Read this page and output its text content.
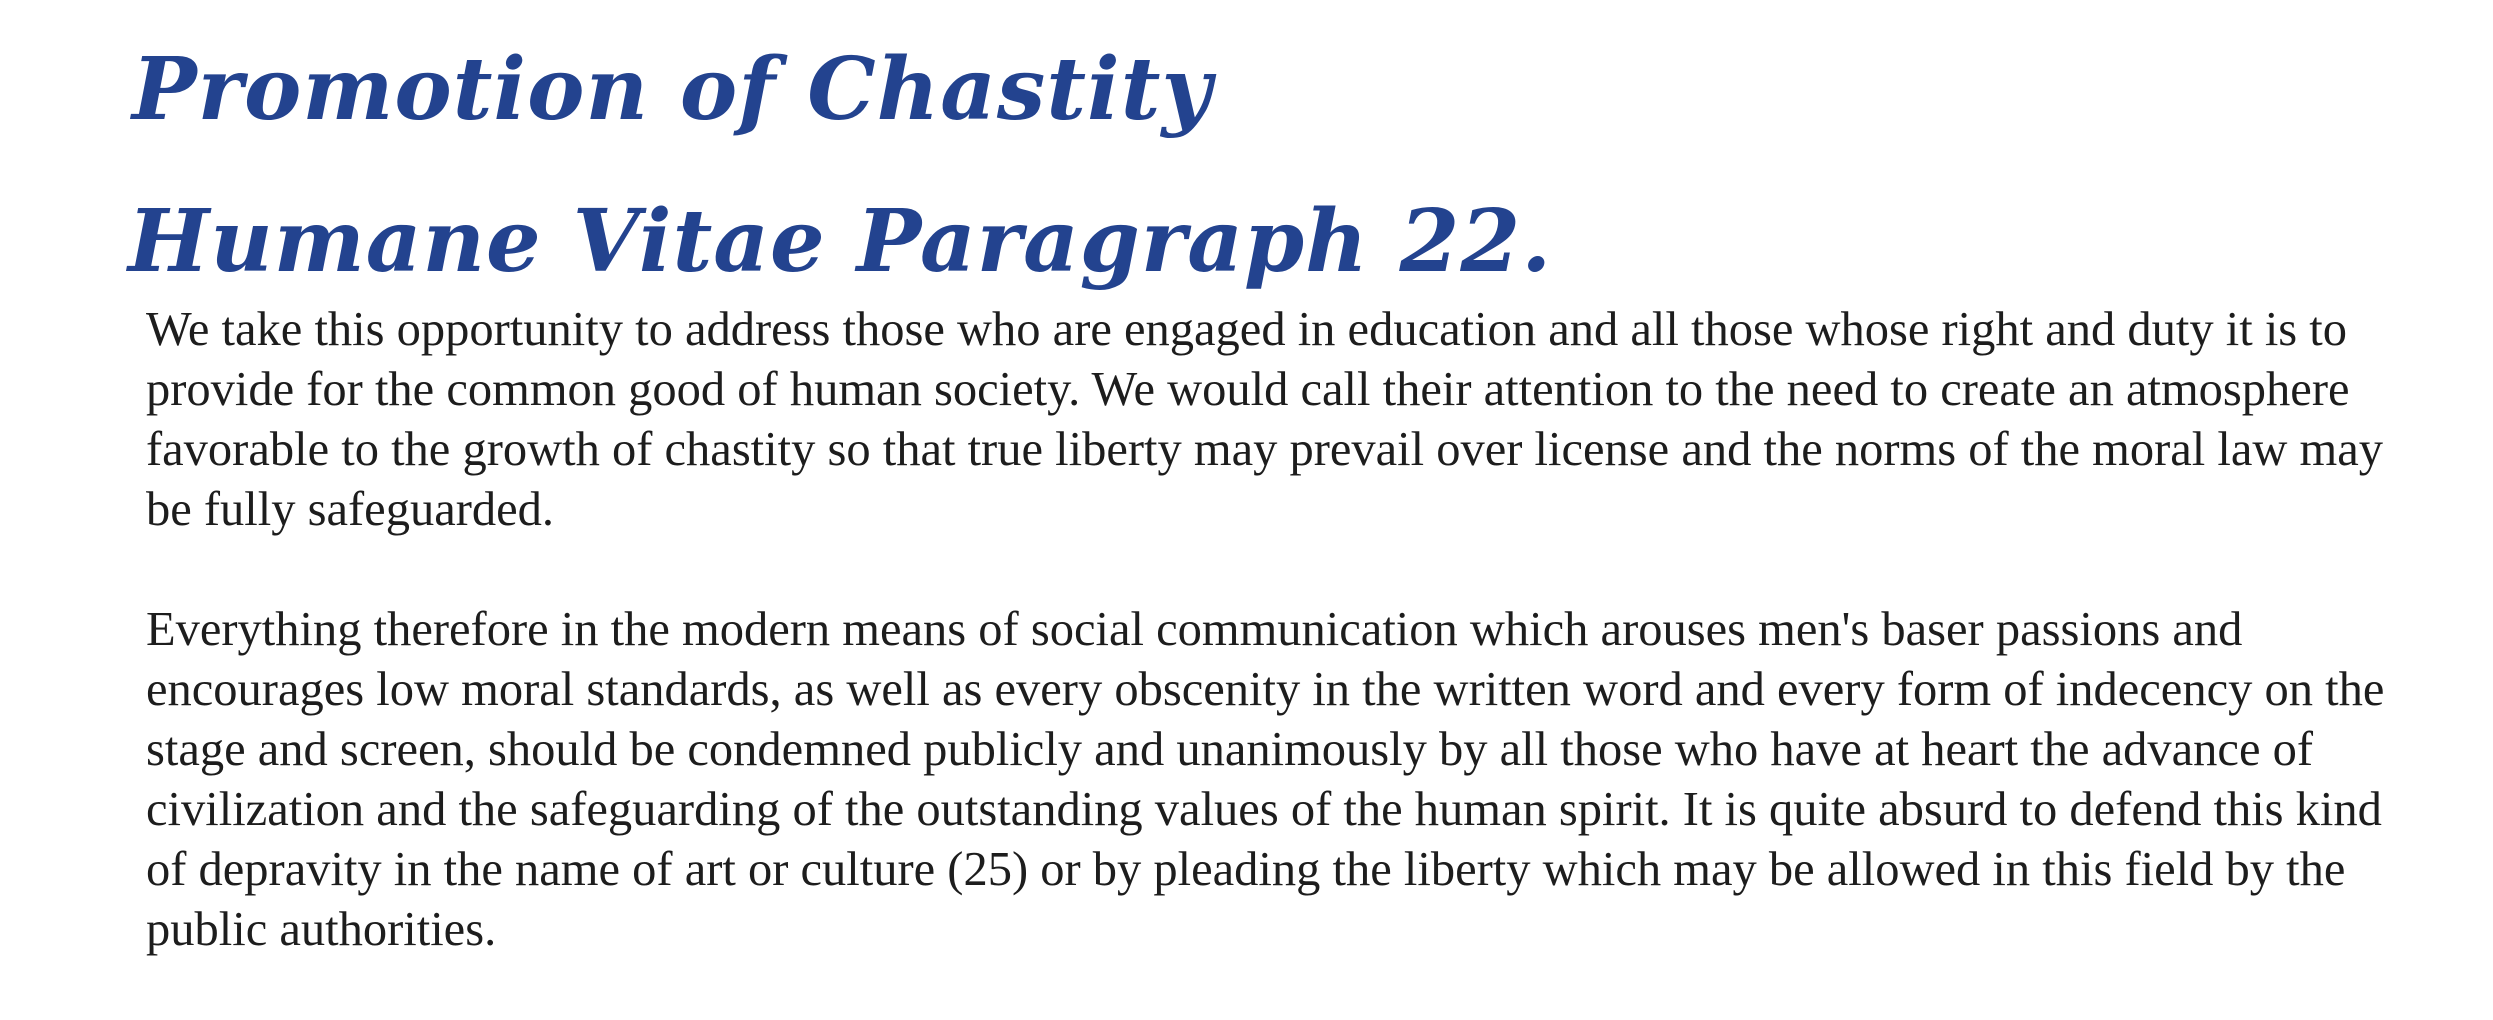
Promotion of Chastity
Humane Vitae Paragraph 22.

We take this opportunity to address those who are engaged in education and all those whose right and duty it is to provide for the common good of human society. We would call their attention to the need to create an atmosphere favorable to the growth of chastity so that true liberty may prevail over license and the norms of the moral law may be fully safeguarded.

Everything therefore in the modern means of social communication which arouses men's baser passions and encourages low moral standards, as well as every obscenity in the written word and every form of indecency on the stage and screen, should be condemned publicly and unanimously by all those who have at heart the advance of civilization and the safeguarding of the outstanding values of the human spirit. It is quite absurd to defend this kind of depravity in the name of art or culture (25) or by pleading the liberty which may be allowed in this field by the public authorities.
